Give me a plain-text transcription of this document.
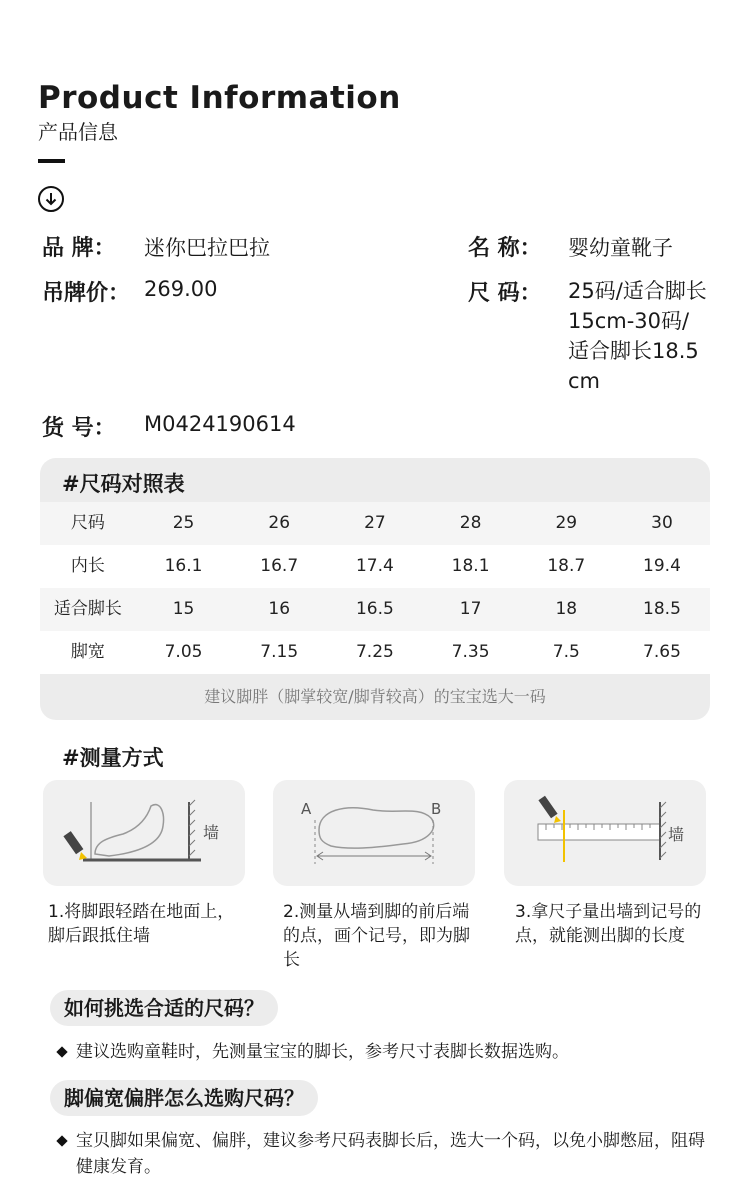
Product Information
产品信息
品 牌： 迷你巴拉巴拉	名 称： 婴幼童靴子
吊牌价： 269.00	尺 码： 25码/适合脚长15cm-30码/适合脚长18.5cm
货 号： M0424190614
#尺码对照表
尺码	25	26	27	28	29	30
内长	16.1	16.7	17.4	18.1	18.7	19.4
适合脚长	15	16	16.5	17	18	18.5
脚宽	7.05	7.15	7.25	7.35	7.5	7.65
建议脚胖（脚掌较宽/脚背较高）的宝宝选大一码
#测量方式
墙
A	B
墙
1.将脚跟轻踏在地面上，脚后跟抵住墙
2.测量从墙到脚的前后端的点，画个记号，即为脚长
3.拿尺子量出墙到记号的点，就能测出脚的长度
如何挑选合适的尺码？
建议选购童鞋时，先测量宝宝的脚长，参考尺寸表脚长数据选购。
脚偏宽偏胖怎么选购尺码？
宝贝脚如果偏宽、偏胖，建议参考尺码表脚长后，选大一个码，以免小脚憋屈，阻碍健康发育。
